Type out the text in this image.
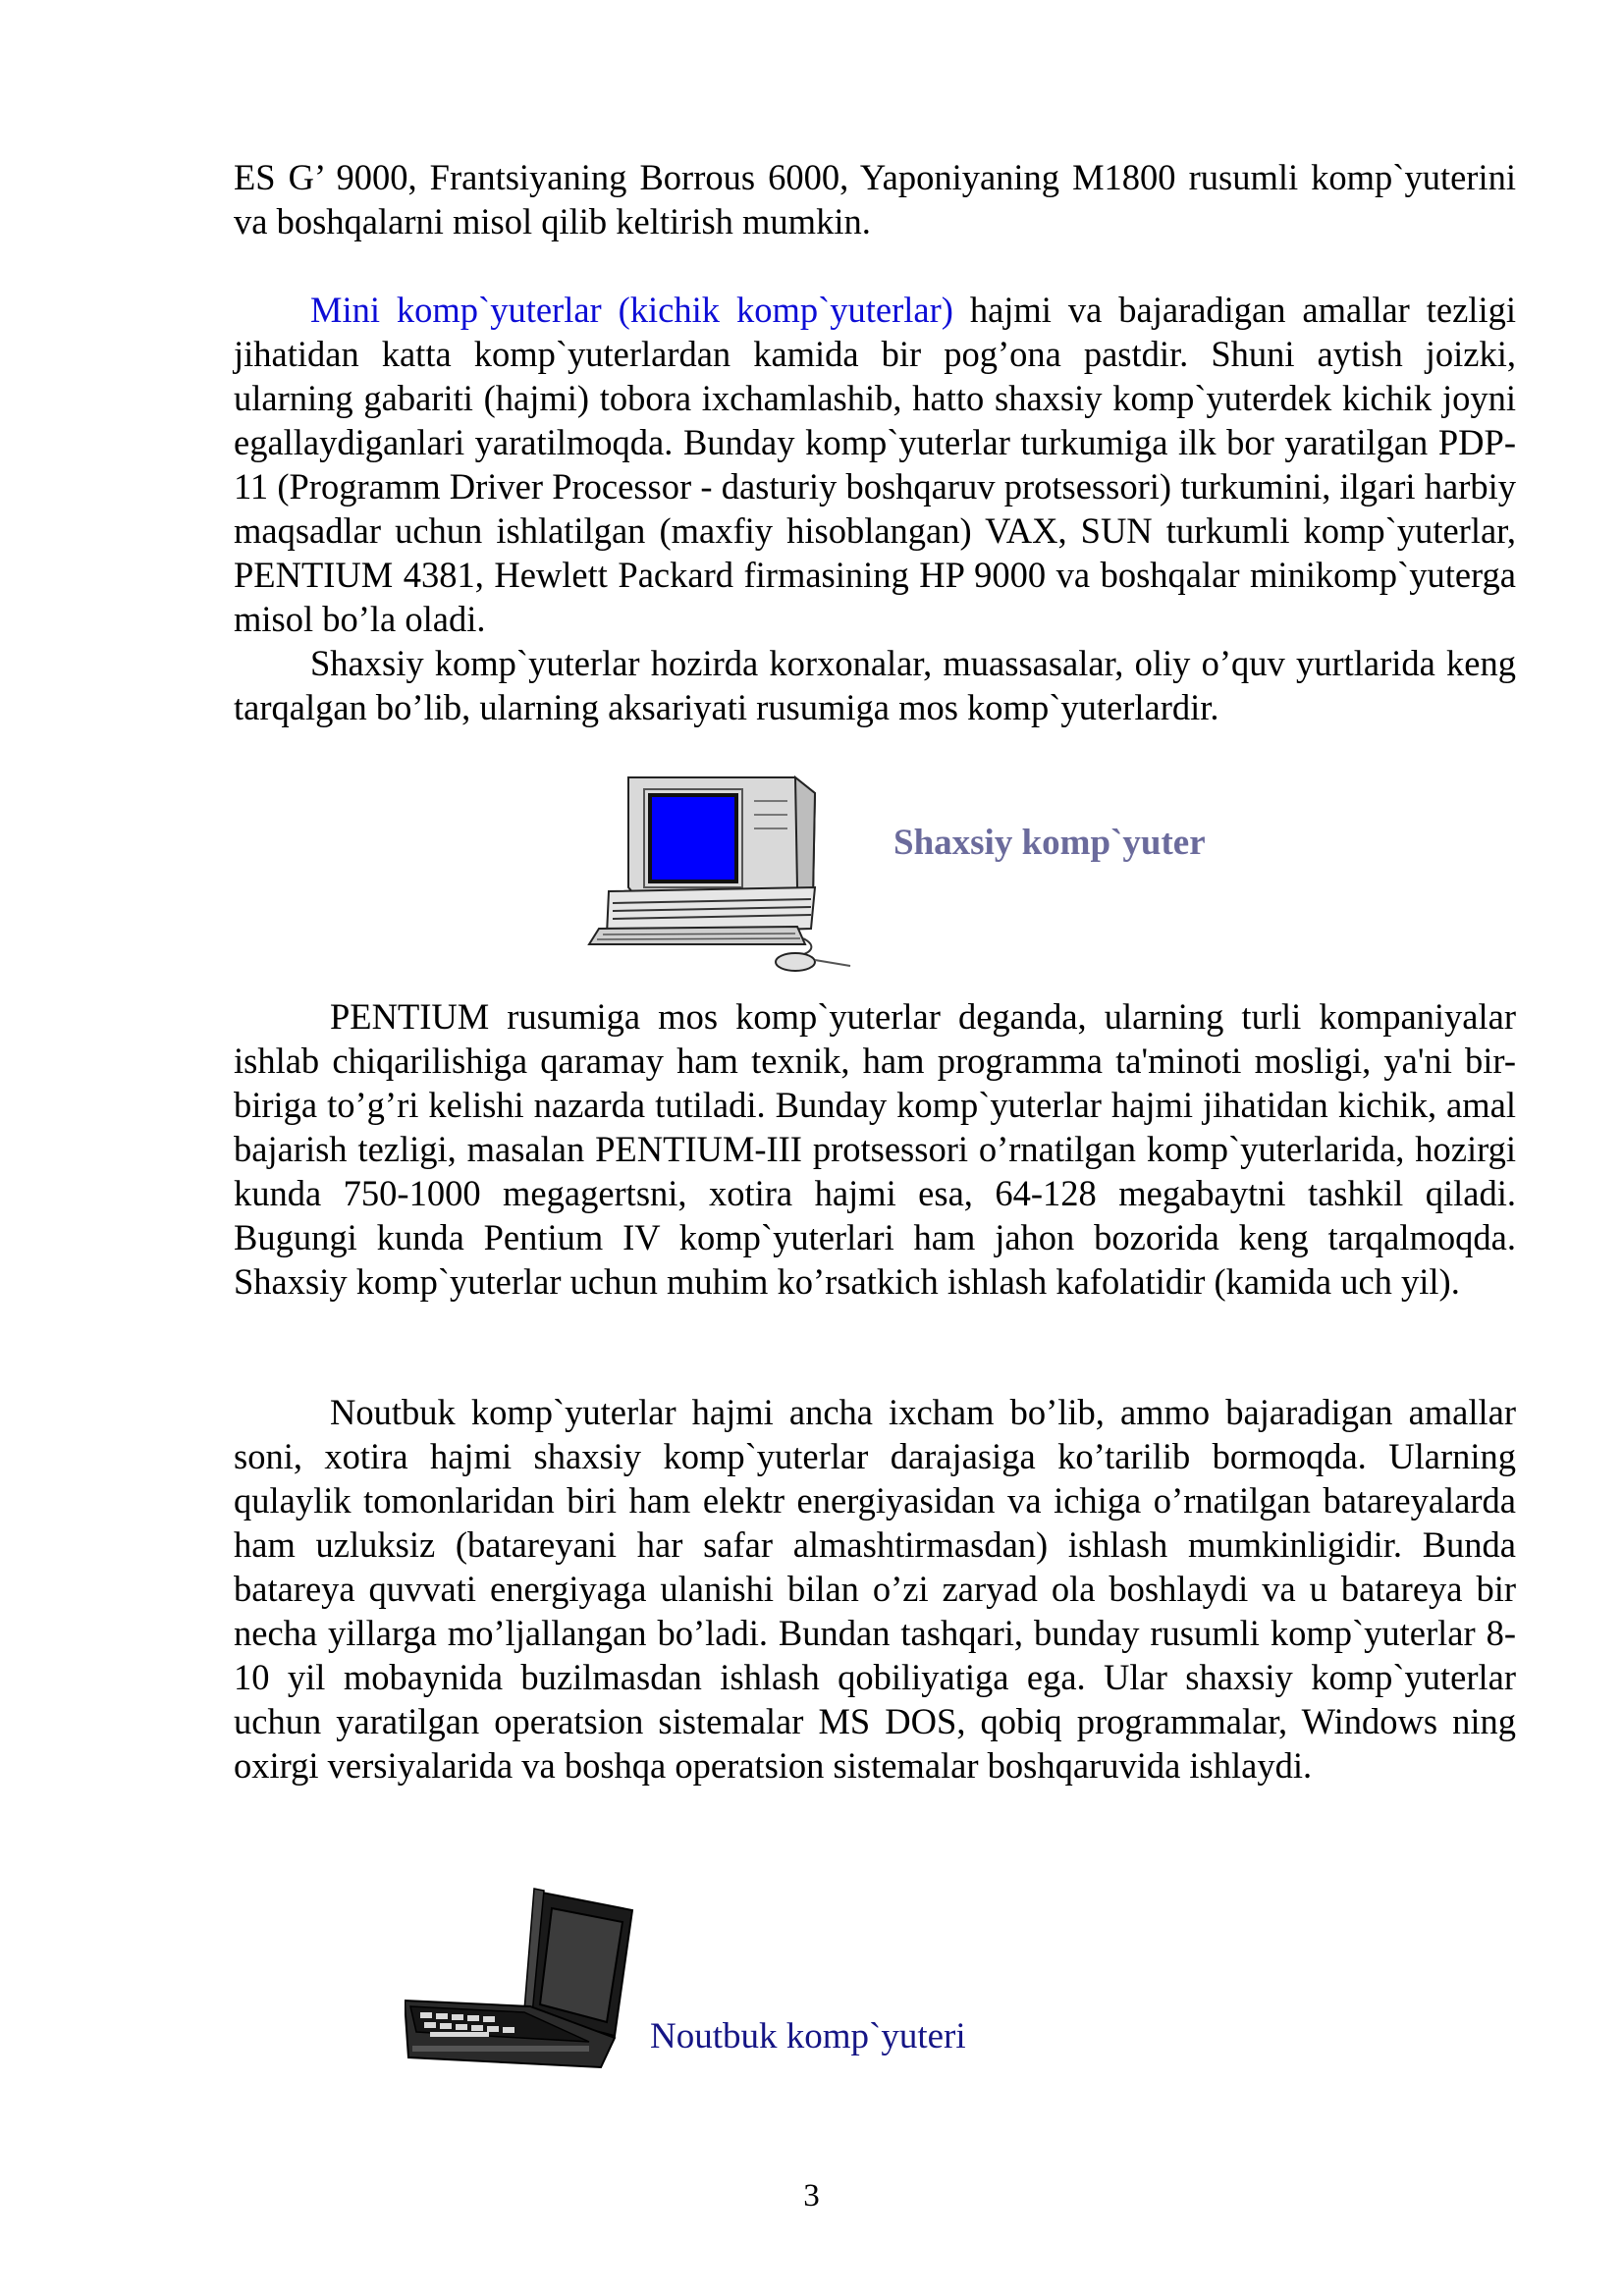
ES G’ 9000, Frantsiyaning Borrous 6000, Yaponiyaning M1800 rusumli komp`yuterini va boshqalarni misol qilib keltirish mumkin.

Mini komp`yuterlar (kichik komp`yuterlar) hajmi va bajaradigan amallar tezligi jihatidan katta komp`yuterlardan kamida bir pog’ona pastdir. Shuni aytish joizki, ularning gabariti (hajmi) tobora ixchamlashib, hatto shaxsiy komp`yuterdek kichik joyni egallaydiganlari yaratilmoqda. Bunday komp`yuterlar turkumiga ilk bor yaratilgan PDP-11 (Programm Driver Processor - dasturiy boshqaruv protsessori) turkumini, ilgari harbiy maqsadlar uchun ishlatilgan (maxfiy hisoblangan) VAX, SUN turkumli komp`yuterlar, PENTIUM 4381, Hewlett Packard firmasining HP 9000 va boshqalar minikomp`yuterga misol bo’la oladi.

Shaxsiy komp`yuterlar hozirda korxonalar, muassasalar, oliy o’quv yurtlarida keng tarqalgan bo’lib, ularning aksariyati rusumiga mos komp`yuterlardir.

Shaxsiy komp`yuter

PENTIUM rusumiga mos komp`yuterlar deganda, ularning turli kompaniyalar ishlab chiqarilishiga qaramay ham texnik, ham programma ta'minoti mosligi, ya'ni bir-biriga to’g’ri kelishi nazarda tutiladi. Bunday komp`yuterlar hajmi jihatidan kichik, amal bajarish tezligi, masalan PENTIUM-III protsessori o’rnatilgan komp`yuterlarida, hozirgi kunda 750-1000 megagertsni, xotira hajmi esa, 64-128 megabaytni tashkil qiladi. Bugungi kunda Pentium IV komp`yuterlari ham jahon bozorida keng tarqalmoqda. Shaxsiy komp`yuterlar uchun muhim ko’rsatkich ishlash kafolatidir (kamida uch yil).

Noutbuk komp`yuterlar hajmi ancha ixcham bo’lib, ammo bajaradigan amallar soni, xotira hajmi shaxsiy komp`yuterlar darajasiga ko’tarilib bormoqda. Ularning qulaylik tomonlaridan biri ham elektr energiyasidan va ichiga o’rnatilgan batareyalarda ham uzluksiz (batareyani har safar almashtirmasdan) ishlash mumkinligidir. Bunda batareya quvvati energiyaga ulanishi bilan o’zi zaryad ola boshlaydi va u batareya bir necha yillarga mo’ljallangan bo’ladi. Bundan tashqari, bunday rusumli komp`yuterlar 8-10 yil mobaynida buzilmasdan ishlash qobiliyatiga ega. Ular shaxsiy komp`yuterlar uchun yaratilgan operatsion sistemalar MS DOS, qobiq programmalar, Windows ning oxirgi versiyalarida va boshqa operatsion sistemalar boshqaruvida ishlaydi.

Noutbuk komp`yuteri

3
